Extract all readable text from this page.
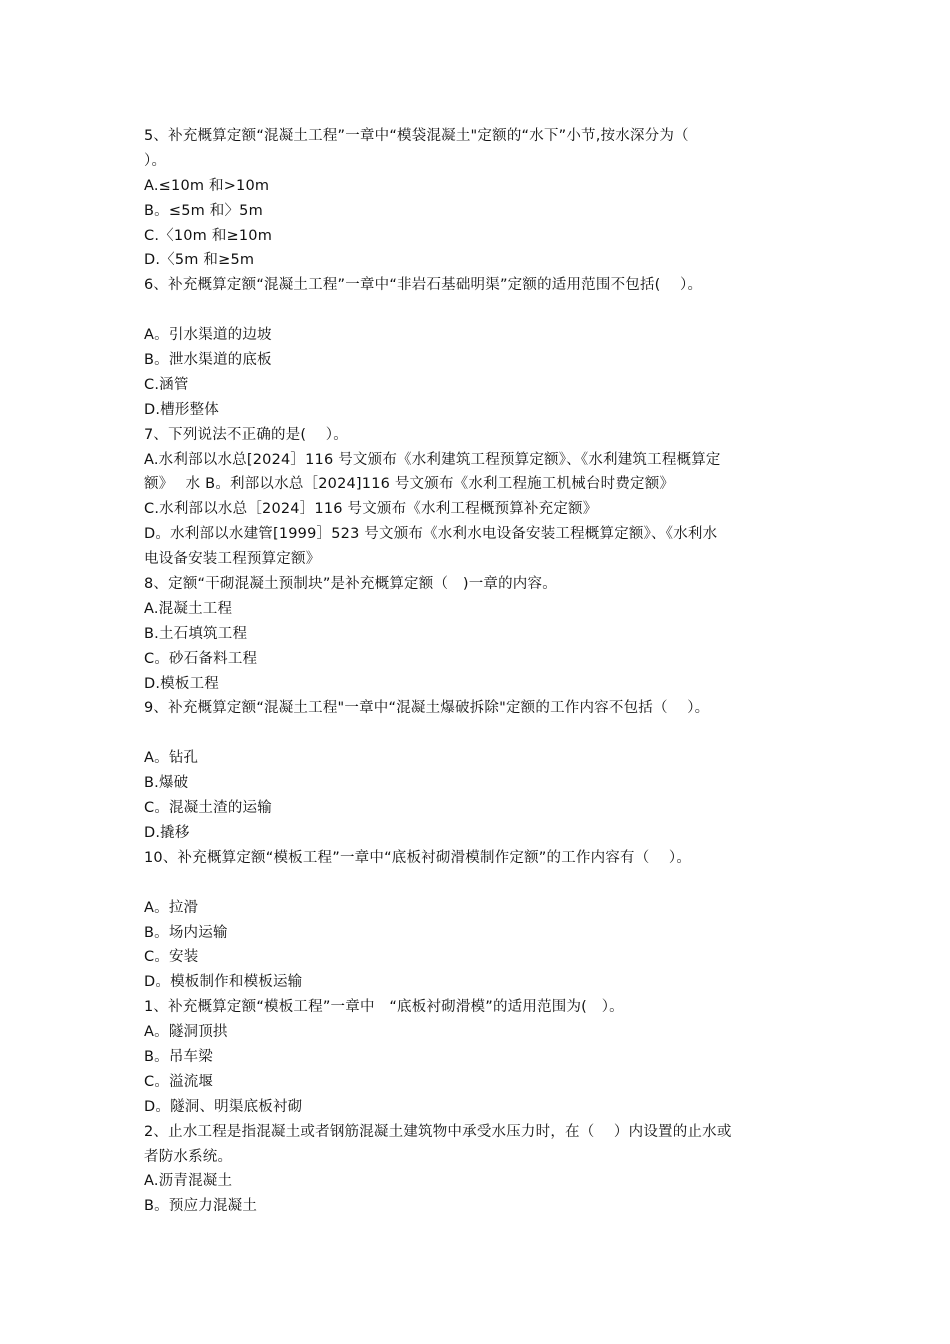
5、补充概算定额“混凝土工程”一章中“模袋混凝土"定额的“水下”小节,按水深分为（
）。
A.≤10m 和>10m
B。≤5m 和〉5m
C.〈10m 和≥10m
D.〈5m 和≥5m
6、补充概算定额“混凝土工程”一章中“非岩石基础明渠”定额的适用范围不包括(　 ）。
A。引水渠道的边坡
B。泄水渠道的底板
C.涵管
D.槽形整体
7、下列说法不正确的是(　 ）。
A.水利部以水总[2024］116 号文颁布《水利建筑工程预算定额》、《水利建筑工程概算定
额》　 水 B。利部以水总［2024]116 号文颁布《水利工程施工机械台时费定额》
C.水利部以水总［2024］116 号文颁布《水利工程概预算补充定额》
D。水利部以水建管[1999］523 号文颁布《水利水电设备安装工程概算定额》、《水利水
电设备安装工程预算定额》
8、定额“干砌混凝土预制块”是补充概算定额（　)一章的内容。
A.混凝土工程
B.土石填筑工程
C。砂石备料工程
D.模板工程
9、补充概算定额“混凝土工程"一章中“混凝土爆破拆除"定额的工作内容不包括（　 ）。
A。钻孔
B.爆破
C。混凝土渣的运输
D.撬移
10、补充概算定额“模板工程”一章中“底板衬砌滑模制作定额”的工作内容有（　 ）。
A。拉滑
B。场内运输
C。安装
D。模板制作和模板运输
1、补充概算定额“模板工程”一章中　“底板衬砌滑模”的适用范围为(　）。
A。隧洞顶拱
B。吊车梁
C。溢流堰
D。隧洞、明渠底板衬砌
2、止水工程是指混凝土或者钢筋混凝土建筑物中承受水压力时，在（　 ）内设置的止水或
者防水系统。
A.沥青混凝土
B。预应力混凝土
